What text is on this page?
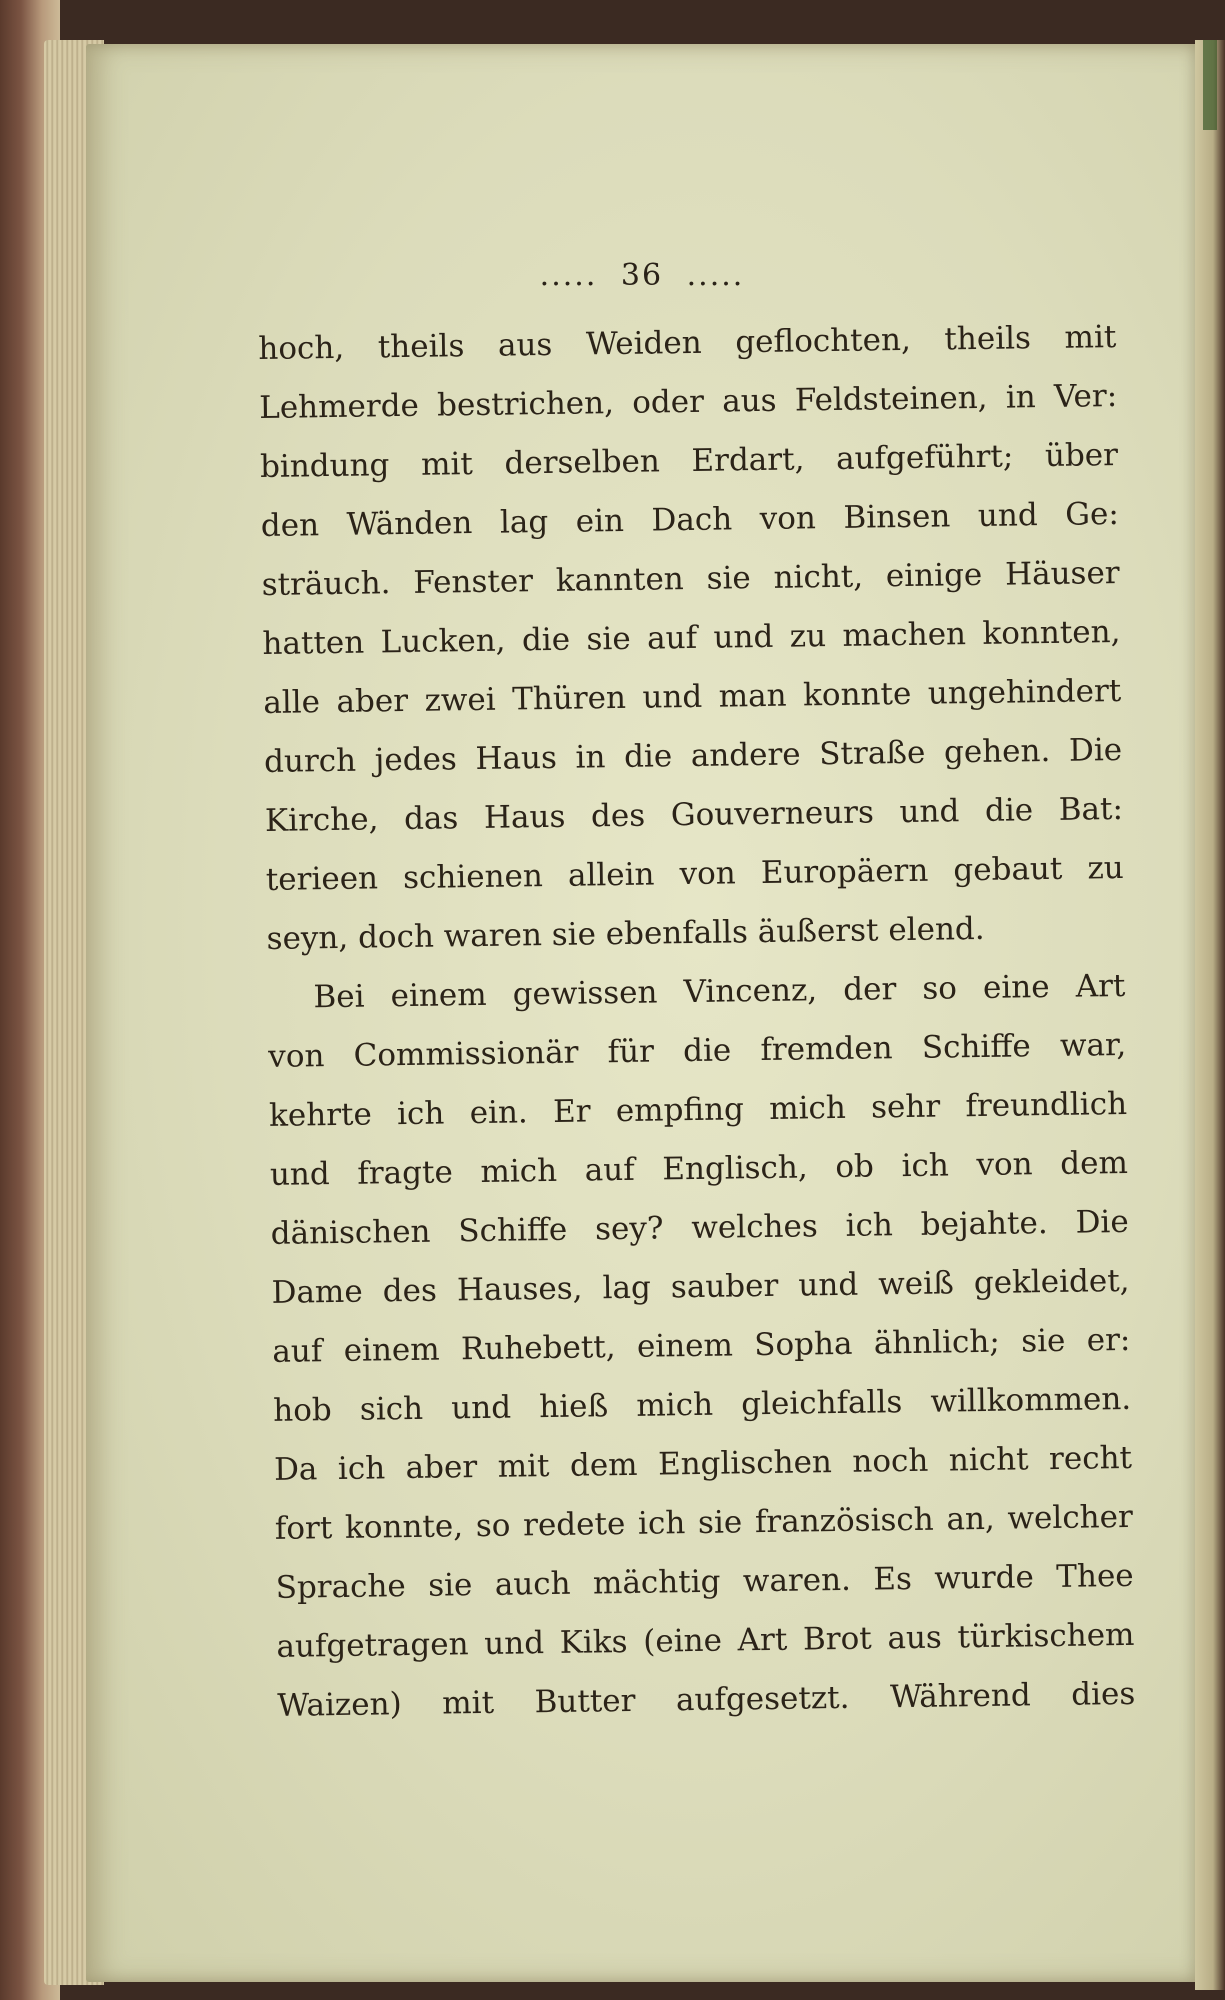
..... 36 .....
hoch, theils aus Weiden geflochten, theils mit
Lehmerde bestrichen, oder aus Feldsteinen, in Ver:
bindung mit derselben Erdart, aufgeführt; über
den Wänden lag ein Dach von Binsen und Ge:
sträuch. Fenster kannten sie nicht, einige Häuser
hatten Lucken, die sie auf und zu machen konnten,
alle aber zwei Thüren und man konnte ungehindert
durch jedes Haus in die andere Straße gehen. Die
Kirche, das Haus des Gouverneurs und die Bat:
terieen schienen allein von Europäern gebaut zu
seyn, doch waren sie ebenfalls äußerst elend.
Bei einem gewissen Vincenz, der so eine Art
von Commissionär für die fremden Schiffe war,
kehrte ich ein. Er empfing mich sehr freundlich
und fragte mich auf Englisch, ob ich von dem
dänischen Schiffe sey? welches ich bejahte. Die
Dame des Hauses, lag sauber und weiß gekleidet,
auf einem Ruhebett, einem Sopha ähnlich; sie er:
hob sich und hieß mich gleichfalls willkommen.
Da ich aber mit dem Englischen noch nicht recht
fort konnte, so redete ich sie französisch an, welcher
Sprache sie auch mächtig waren. Es wurde Thee
aufgetragen und Kiks (eine Art Brot aus türkischem
Waizen) mit Butter aufgesetzt. Während dies
